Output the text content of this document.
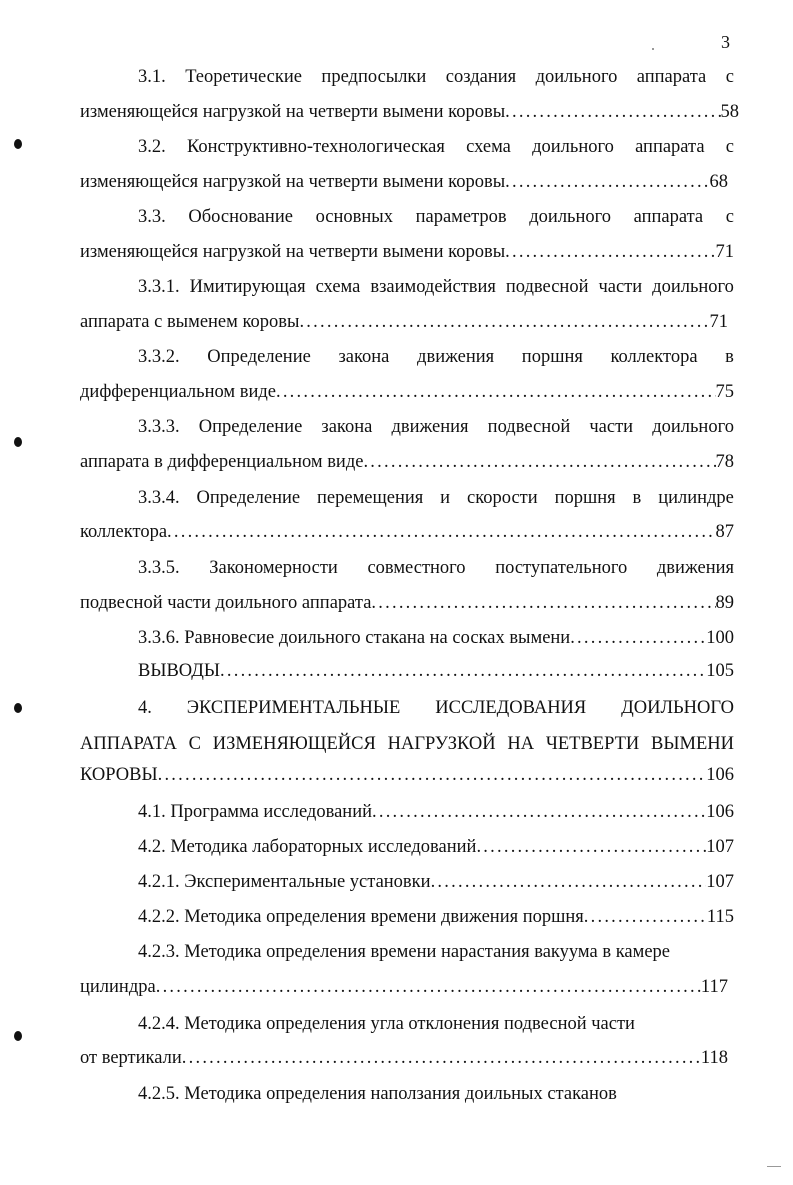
3
3.1. Теоретические предпосылки создания доильного аппарата с
изменяющейся нагрузкой на четверти вымени коровы . . .	58
3.2. Конструктивно-технологическая схема доильного аппарата с
изменяющейся нагрузкой на четверти вымени коровы . . .	68
3.3. Обоснование основных параметров доильного аппарата с
изменяющейся нагрузкой на четверти вымени коровы . . .	71
3.3.1. Имитирующая схема взаимодействия подвесной части доильного
аппарата с выменем коровы . . .	71
3.3.2. Определение закона движения поршня коллектора в
дифференциальном виде . . .	75
3.3.3. Определение закона движения подвесной части доильного
аппарата в дифференциальном виде . . .	78
3.3.4. Определение перемещения и скорости поршня в цилиндре
коллектора . . .	87
3.3.5. Закономерности совместного поступательного движения
подвесной части доильного аппарата . . .	89
3.3.6. Равновесие доильного стакана на сосках вымени . . .	100
ВЫВОДЫ . . .	105
4. ЭКСПЕРИМЕНТАЛЬНЫЕ ИССЛЕДОВАНИЯ ДОИЛЬНОГО
АППАРАТА С ИЗМЕНЯЮЩЕЙСЯ НАГРУЗКОЙ НА ЧЕТВЕРТИ ВЫМЕНИ
КОРОВЫ . . .	106
4.1. Программа исследований . . .	106
4.2. Методика лабораторных исследований . . .	107
4.2.1. Экспериментальные установки . . .	107
4.2.2. Методика определения времени движения поршня . . .	115
4.2.3. Методика определения времени нарастания вакуума в камере
цилиндра . . .	117
4.2.4. Методика определения угла отклонения подвесной части
от вертикали . . .	118
4.2.5. Методика определения наползания доильных стаканов
